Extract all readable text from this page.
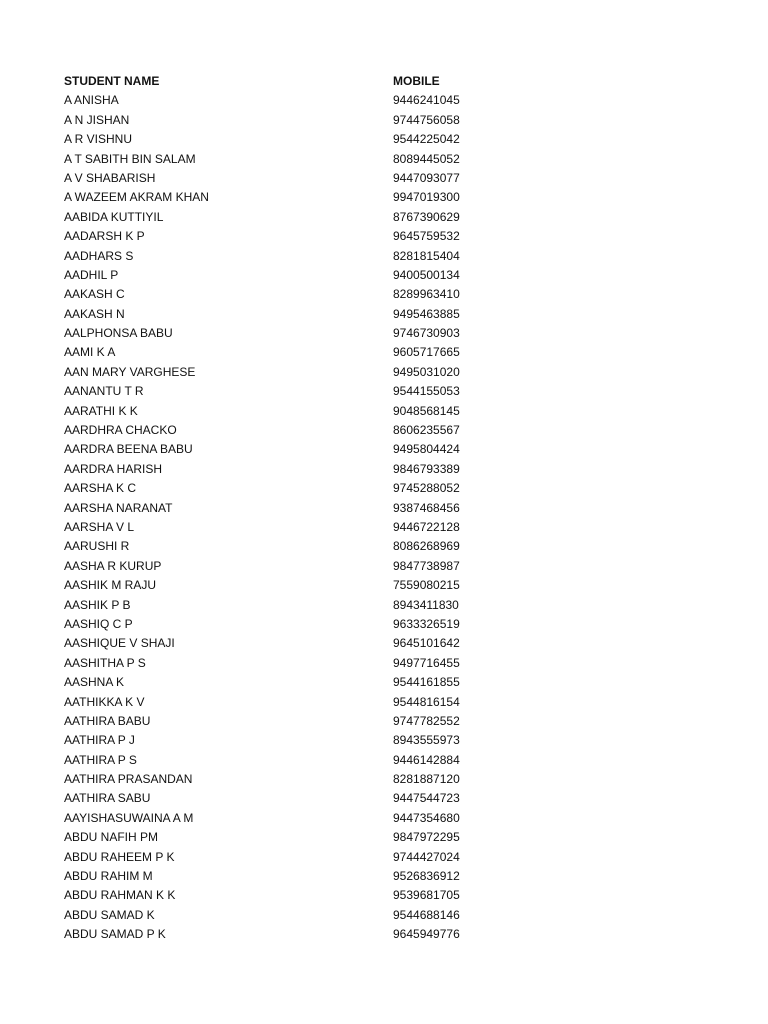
STUDENT NAME	MOBILE
A ANISHA	9446241045
A N JISHAN	9744756058
A R VISHNU	9544225042
A T SABITH BIN SALAM	8089445052
A V SHABARISH	9447093077
A WAZEEM AKRAM KHAN	9947019300
AABIDA KUTTIYIL	8767390629
AADARSH K P	9645759532
AADHARS S	8281815404
AADHIL P	9400500134
AAKASH C	8289963410
AAKASH N	9495463885
AALPHONSA BABU	9746730903
AAMI K A	9605717665
AAN MARY VARGHESE	9495031020
AANANTU T R	9544155053
AARATHI K K	9048568145
AARDHRA CHACKO	8606235567
AARDRA BEENA BABU	9495804424
AARDRA HARISH	9846793389
AARSHA K C	9745288052
AARSHA NARANAT	9387468456
AARSHA V L	9446722128
AARUSHI R	8086268969
AASHA R KURUP	9847738987
AASHIK M RAJU	7559080215
AASHIK P B	8943411830
AASHIQ C P	9633326519
AASHIQUE V SHAJI	9645101642
AASHITHA P S	9497716455
AASHNA K	9544161855
AATHIKKA K V	9544816154
AATHIRA BABU	9747782552
AATHIRA P J	8943555973
AATHIRA P S	9446142884
AATHIRA PRASANDAN	8281887120
AATHIRA SABU	9447544723
AAYISHASUWAINA A M	9447354680
ABDU NAFIH PM	9847972295
ABDU RAHEEM P K	9744427024
ABDU RAHIM M	9526836912
ABDU RAHMAN K K	9539681705
ABDU SAMAD K	9544688146
ABDU SAMAD P K	9645949776
